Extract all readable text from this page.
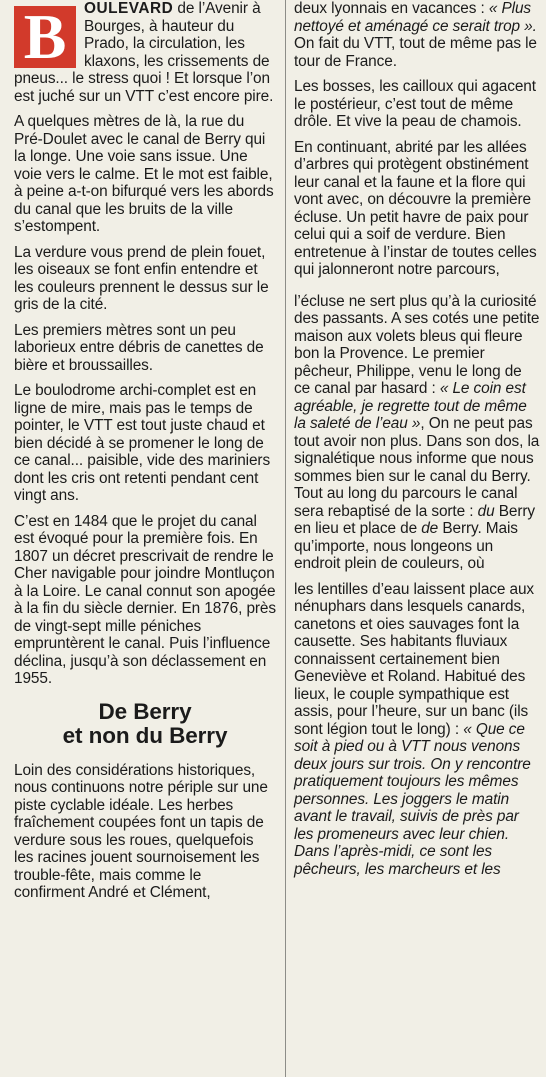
B	OULEVARD de l’Avenir à Bourges, à hauteur du Prado, la circulation, les klaxons, les crissements de pneus... le stress quoi ! Et lorsque l’on est juché sur un VTT c’est encore pire.

A quelques mètres de là, la rue du Pré-Doulet avec le canal de Berry qui la longe. Une voie sans issue. Une voie vers le calme. Et le mot est faible, à peine a-t-on bifurqué vers les abords du canal que les bruits de la ville s’estompent.

La verdure vous prend de plein fouet, les oiseaux se font enfin entendre et les couleurs prennent le dessus sur le gris de la cité.

Les premiers mètres sont un peu laborieux entre débris de canettes de bière et broussailles.

Le boulodrome archi-complet est en ligne de mire, mais pas le temps de pointer, le VTT est tout juste chaud et bien décidé à se promener le long de ce canal... paisible, vide des mariniers dont les cris ont retenti pendant cent vingt ans.

C’est en 1484 que le projet du canal est évoqué pour la première fois. En 1807 un décret prescrivait de rendre le Cher navigable pour joindre Montluçon à la Loire. Le canal connut son apogée à la fin du siècle dernier. En 1876, près de vingt-sept mille péniches empruntèrent le canal. Puis l’influence déclina, jusqu’à son déclassement en 1955.

De Berry
et non du Berry

Loin des considérations historiques, nous continuons notre périple sur une piste cyclable idéale. Les herbes fraîchement coupées font un tapis de verdure sous les roues, quelquefois les racines jouent sournoisement les trouble-fête, mais comme le confirment André et Clément,

deux lyonnais en vacances : « Plus nettoyé et aménagé ce serait trop ». On fait du VTT, tout de même pas le tour de France.

Les bosses, les cailloux qui agacent le postérieur, c’est tout de même drôle. Et vive la peau de chamois.

En continuant, abrité par les allées d’arbres qui protègent obstinément leur canal et la faune et la flore qui vont avec, on découvre la première écluse. Un petit havre de paix pour celui qui a soif de verdure. Bien entretenue à l’instar de toutes celles qui jalonneront notre parcours,

l’écluse ne sert plus qu’à la curiosité des passants. A ses cotés une petite maison aux volets bleus qui fleure bon la Provence. Le premier pêcheur, Philippe, venu le long de ce canal par hasard : « Le coin est agréable, je regrette tout de même la saleté de l’eau », On ne peut pas tout avoir non plus. Dans son dos, la signalétique nous informe que nous sommes bien sur le canal du Berry. Tout au long du parcours le canal sera rebaptisé de la sorte : du Berry en lieu et place de de Berry. Mais qu’importe, nous longeons un endroit plein de couleurs, où

les lentilles d’eau laissent place aux nénuphars dans lesquels canards, canetons et oies sauvages font la causette. Ses habitants fluviaux connaissent certainement bien Geneviève et Roland. Habitué des lieux, le couple sympathique est assis, pour l’heure, sur un banc (ils sont légion tout le long) : « Que ce soit à pied ou à VTT nous venons deux jours sur trois. On y rencontre pratiquement toujours les mêmes personnes. Les joggers le matin avant le travail, suivis de près par les promeneurs avec leur chien. Dans l’après-midi, ce sont les pêcheurs, les marcheurs et les
